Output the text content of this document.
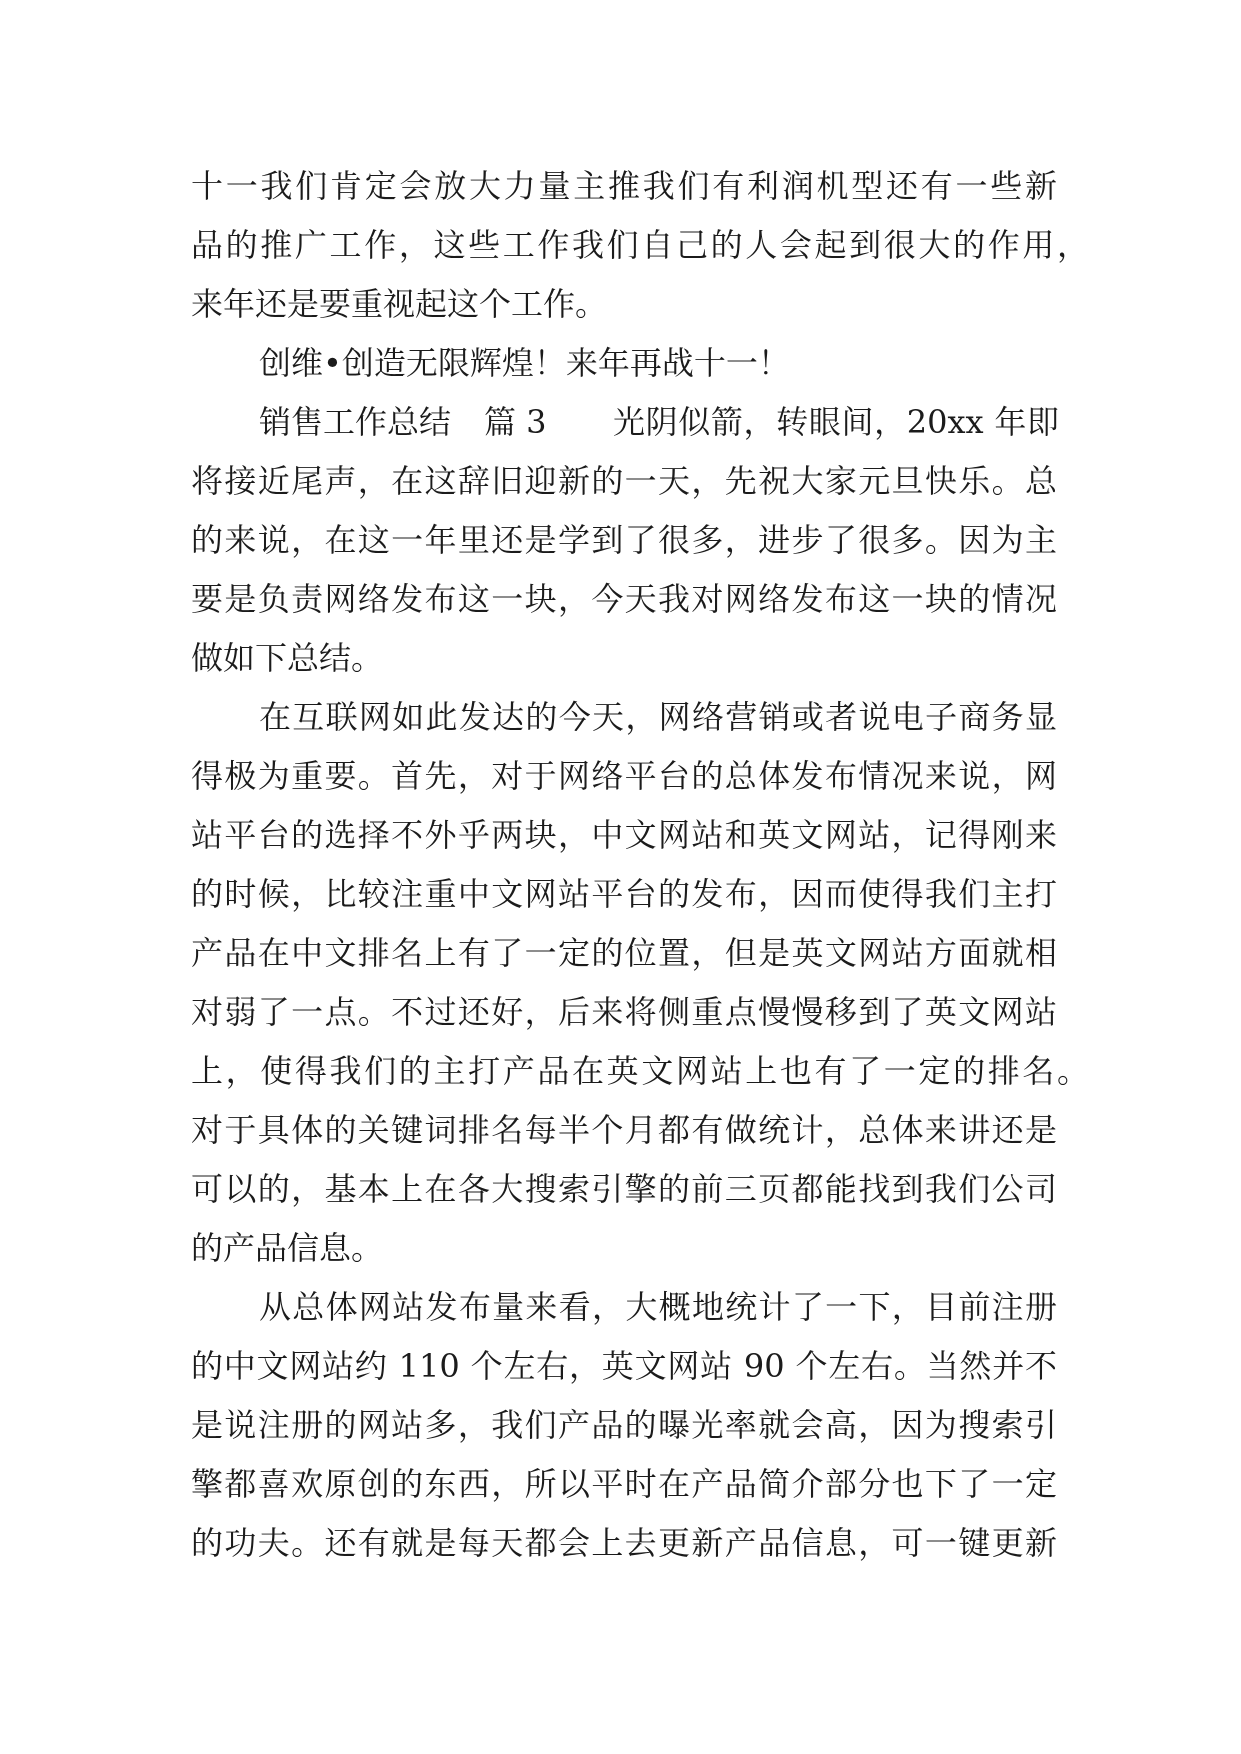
十一我们肯定会放大力量主推我们有利润机型还有一些新
品的推广工作，这些工作我们自己的人会起到很大的作用，
来年还是要重视起这个工作。
创维•创造无限辉煌！来年再战十一！
销售工作总结 篇 3 光阴似箭，转眼间，20xx 年即
将接近尾声，在这辞旧迎新的一天，先祝大家元旦快乐。总
的来说，在这一年里还是学到了很多，进步了很多。因为主
要是负责网络发布这一块，今天我对网络发布这一块的情况
做如下总结。
在互联网如此发达的今天，网络营销或者说电子商务显
得极为重要。首先，对于网络平台的总体发布情况来说，网
站平台的选择不外乎两块，中文网站和英文网站，记得刚来
的时候，比较注重中文网站平台的发布，因而使得我们主打
产品在中文排名上有了一定的位置，但是英文网站方面就相
对弱了一点。不过还好，后来将侧重点慢慢移到了英文网站
上，使得我们的主打产品在英文网站上也有了一定的排名。
对于具体的关键词排名每半个月都有做统计，总体来讲还是
可以的，基本上在各大搜索引擎的前三页都能找到我们公司
的产品信息。
从总体网站发布量来看，大概地统计了一下，目前注册
的中文网站约 110 个左右，英文网站 90 个左右。当然并不
是说注册的网站多，我们产品的曝光率就会高，因为搜索引
擎都喜欢原创的东西，所以平时在产品简介部分也下了一定
的功夫。还有就是每天都会上去更新产品信息，可一键更新
